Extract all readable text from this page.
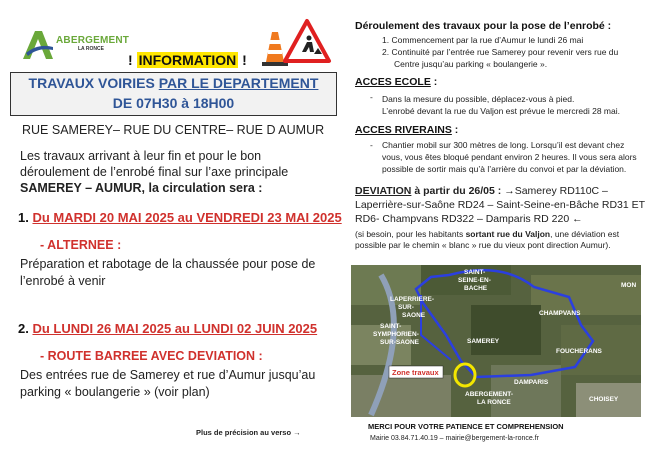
ABERGEMENT
LA RONCE
! INFORMATION !
TRAVAUX VOIRIES PAR LE DEPARTEMENT
DE 07H30 à 18H00
RUE SAMEREY– RUE DU CENTRE– RUE D AUMUR
Les travaux arrivant à leur fin et pour le bon
déroulement de l’enrobé final sur l’axe principale
SAMEREY – AUMUR, la circulation sera :
1. Du MARDI 20 MAI 2025 au VENDREDI 23 MAI 2025
- ALTERNEE :
Préparation et rabotage de la chaussée pour pose de
l’enrobé à venir
2. Du LUNDI 26 MAI 2025 au LUNDI 02 JUIN 2025
- ROUTE BARREE AVEC DEVIATION :
Des entrées rue de Samerey et rue d’Aumur jusqu’au
parking « boulangerie » (voir plan)
Plus de précision au verso →
Déroulement des travaux pour la pose de l’enrobé :
1. Commencement par la rue d’Aumur le lundi 26 mai
2. Continuité par l’entrée rue Samerey pour revenir vers rue du
Centre jusqu’au parking « boulangerie ».
ACCES ECOLE :
- Dans la mesure du possible, déplacez-vous à pied.
L’enrobé devant la rue du Valjon est prévue le mercredi 28 mai.
ACCES RIVERAINS :
- Chantier mobil sur 300 mètres de long. Lorsqu’il est devant chez
vous, vous êtes bloqué pendant environ 2 heures. Il vous sera alors
possible de sortir mais qu’à l’arrière du convoi et par la déviation.
DEVIATION à partir du 26/05 : →Samerey RD110C –
Laperrière-sur-Saône RD24 – Saint-Seine-en-Bâche RD31 ET
RD6- Champvans RD322 – Damparis RD 220 ←
(si besoin, pour les habitants sortant rue du Valjon, une déviation est
possible par le chemin « blanc » rue du vieux pont direction Aumur).
SAINT-
SEINE-EN-
BACHE
LAPERRIERE-
SUR-
SAONE	CHAMPVANS
SAMEREY
FOUCHERANS
SAINT-
SYMPHORIEN-
SUR-SAONE
DAMPARIS
ABERGEMENT-
LA RONCE	CHOISEY
MON
Zone travaux
MERCI POUR VOTRE PATIENCE ET COMPREHENSION
Mairie 03.84.71.40.19 – mairie@bergement-la-ronce.fr
